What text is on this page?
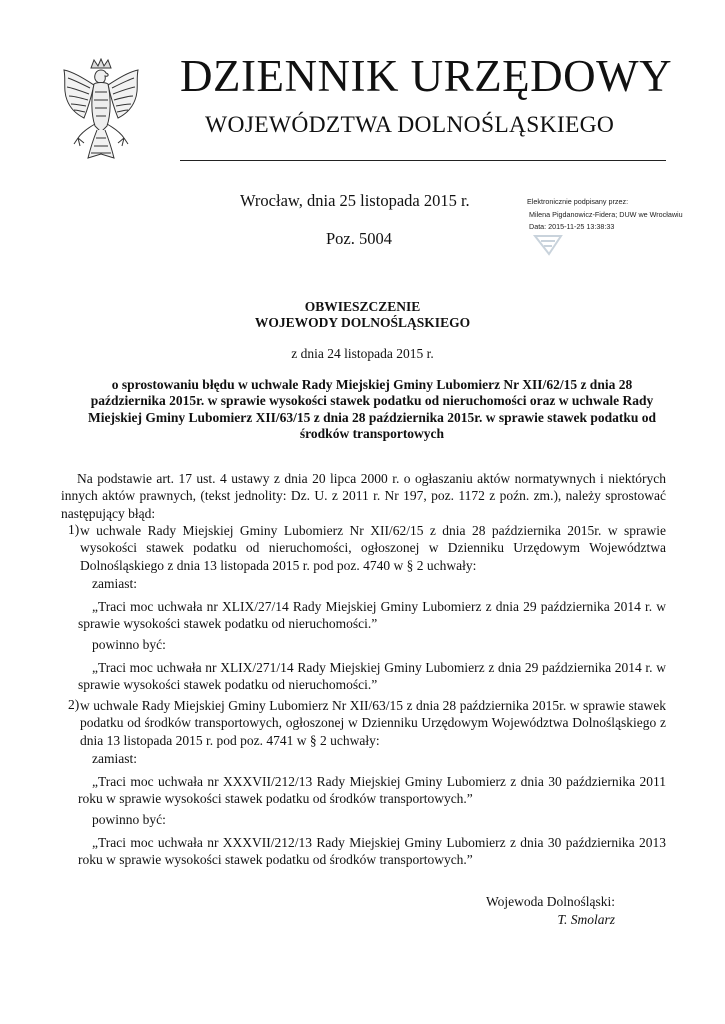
DZIENNIK URZĘDOWY
WOJEWÓDZTWA DOLNOŚLĄSKIEGO
Wrocław, dnia 25 listopada 2015 r.
Poz. 5004
Elektronicznie podpisany przez:
Milena Pigdanowicz-Fidera; DUW we Wrocławiu
Data: 2015-11-25 13:38:33
OBWIESZCZENIE
WOJEWODY DOLNOŚLĄSKIEGO
z dnia 24 listopada 2015 r.
o sprostowaniu błędu w uchwale Rady Miejskiej Gminy Lubomierz Nr XII/62/15 z dnia 28 października 2015r. w sprawie wysokości stawek podatku od nieruchomości oraz w uchwale Rady Miejskiej Gminy Lubomierz XII/63/15 z dnia 28 października 2015r. w sprawie stawek podatku od środków transportowych
Na podstawie art. 17 ust. 4 ustawy z dnia 20 lipca 2000 r. o ogłaszaniu aktów normatywnych i niektórych innych aktów prawnych, (tekst jednolity: Dz. U. z 2011 r. Nr 197, poz. 1172 z poźn. zm.), należy sprostować następujący błąd:
1) w uchwale Rady Miejskiej Gminy Lubomierz Nr XII/62/15 z dnia 28 października 2015r. w sprawie wysokości stawek podatku od nieruchomości, ogłoszonej w Dzienniku Urzędowym Województwa Dolnośląskiego z dnia 13 listopada 2015 r. pod poz. 4740 w § 2 uchwały:
zamiast:
„Traci moc uchwała nr XLIX/27/14 Rady Miejskiej Gminy Lubomierz z dnia 29 października 2014 r. w sprawie wysokości stawek podatku od nieruchomości.”
powinno być:
„Traci moc uchwała nr XLIX/271/14 Rady Miejskiej Gminy Lubomierz z dnia 29 października 2014 r. w sprawie wysokości stawek podatku od nieruchomości.”
2) w uchwale Rady Miejskiej Gminy Lubomierz Nr XII/63/15 z dnia 28 października 2015r. w sprawie stawek podatku od środków transportowych, ogłoszonej w Dzienniku Urzędowym Województwa Dolnośląskiego z dnia 13 listopada 2015 r. pod poz. 4741 w § 2 uchwały:
zamiast:
„Traci moc uchwała nr XXXVII/212/13 Rady Miejskiej Gminy Lubomierz z dnia 30 października 2011 roku w sprawie wysokości stawek podatku od środków transportowych.”
powinno być:
„Traci moc uchwała nr XXXVII/212/13 Rady Miejskiej Gminy Lubomierz z dnia 30 października 2013 roku w sprawie wysokości stawek podatku od środków transportowych.”
Wojewoda Dolnośląski:
T. Smolarz
